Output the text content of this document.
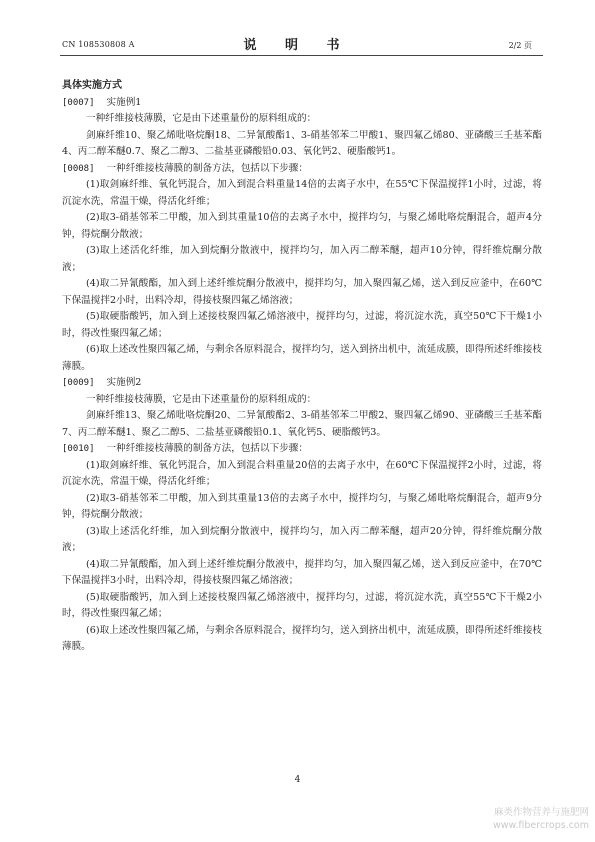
CN 108530808 A	说 明 书	2/2 页
具体实施方式
[0007] 实施例1

一种纤维接枝薄膜，它是由下述重量份的原料组成的：

剑麻纤维10、聚乙烯吡咯烷酮18、二异氰酸酯1、3-硝基邻苯二甲酸1、聚四氟乙烯80、亚磷酸三壬基苯酯4、丙二醇苯醚0.7、聚乙二醇3、二盐基亚磷酸铅0.03、氧化钙2、硬脂酸钙1。

[0008] 一种纤维接枝薄膜的制备方法，包括以下步骤：

(1)取剑麻纤维、氧化钙混合，加入到混合料重量14倍的去离子水中，在55℃下保温搅拌1小时，过滤，将沉淀水洗，常温干燥，得活化纤维；

(2)取3-硝基邻苯二甲酸，加入到其重量10倍的去离子水中，搅拌均匀，与聚乙烯吡咯烷酮混合，超声4分钟，得烷酮分散液；

(3)取上述活化纤维，加入到烷酮分散液中，搅拌均匀，加入丙二醇苯醚，超声10分钟，得纤维烷酮分散液；

(4)取二异氰酸酯，加入到上述纤维烷酮分散液中，搅拌均匀，加入聚四氟乙烯，送入到反应釜中，在60℃下保温搅拌2小时，出料冷却，得接枝聚四氟乙烯溶液；

(5)取硬脂酸钙，加入到上述接枝聚四氟乙烯溶液中，搅拌均匀，过滤，将沉淀水洗，真空50℃下干燥1小时，得改性聚四氟乙烯；

(6)取上述改性聚四氟乙烯，与剩余各原料混合，搅拌均匀，送入到挤出机中，流延成膜，即得所述纤维接枝薄膜。

[0009] 实施例2

一种纤维接枝薄膜，它是由下述重量份的原料组成的：

剑麻纤维13、聚乙烯吡咯烷酮20、二异氰酸酯2、3-硝基邻苯二甲酸2、聚四氟乙烯90、亚磷酸三壬基苯酯7、丙二醇苯醚1、聚乙二醇5、二盐基亚磷酸铅0.1、氧化钙5、硬脂酸钙3。

[0010] 一种纤维接枝薄膜的制备方法，包括以下步骤：

(1)取剑麻纤维、氧化钙混合，加入到混合料重量20倍的去离子水中，在60℃下保温搅拌2小时，过滤，将沉淀水洗，常温干燥，得活化纤维；

(2)取3-硝基邻苯二甲酸，加入到其重量13倍的去离子水中，搅拌均匀，与聚乙烯吡咯烷酮混合，超声9分钟，得烷酮分散液；

(3)取上述活化纤维，加入到烷酮分散液中，搅拌均匀，加入丙二醇苯醚，超声20分钟，得纤维烷酮分散液；

(4)取二异氰酸酯，加入到上述纤维烷酮分散液中，搅拌均匀，加入聚四氟乙烯，送入到反应釜中，在70℃下保温搅拌3小时，出料冷却，得接枝聚四氟乙烯溶液；

(5)取硬脂酸钙，加入到上述接枝聚四氟乙烯溶液中，搅拌均匀，过滤，将沉淀水洗，真空55℃下干燥2小时，得改性聚四氟乙烯；

(6)取上述改性聚四氟乙烯，与剩余各原料混合，搅拌均匀，送入到挤出机中，流延成膜，即得所述纤维接枝薄膜。

4
麻类作物营养与施肥网
www.fibercrops.com
